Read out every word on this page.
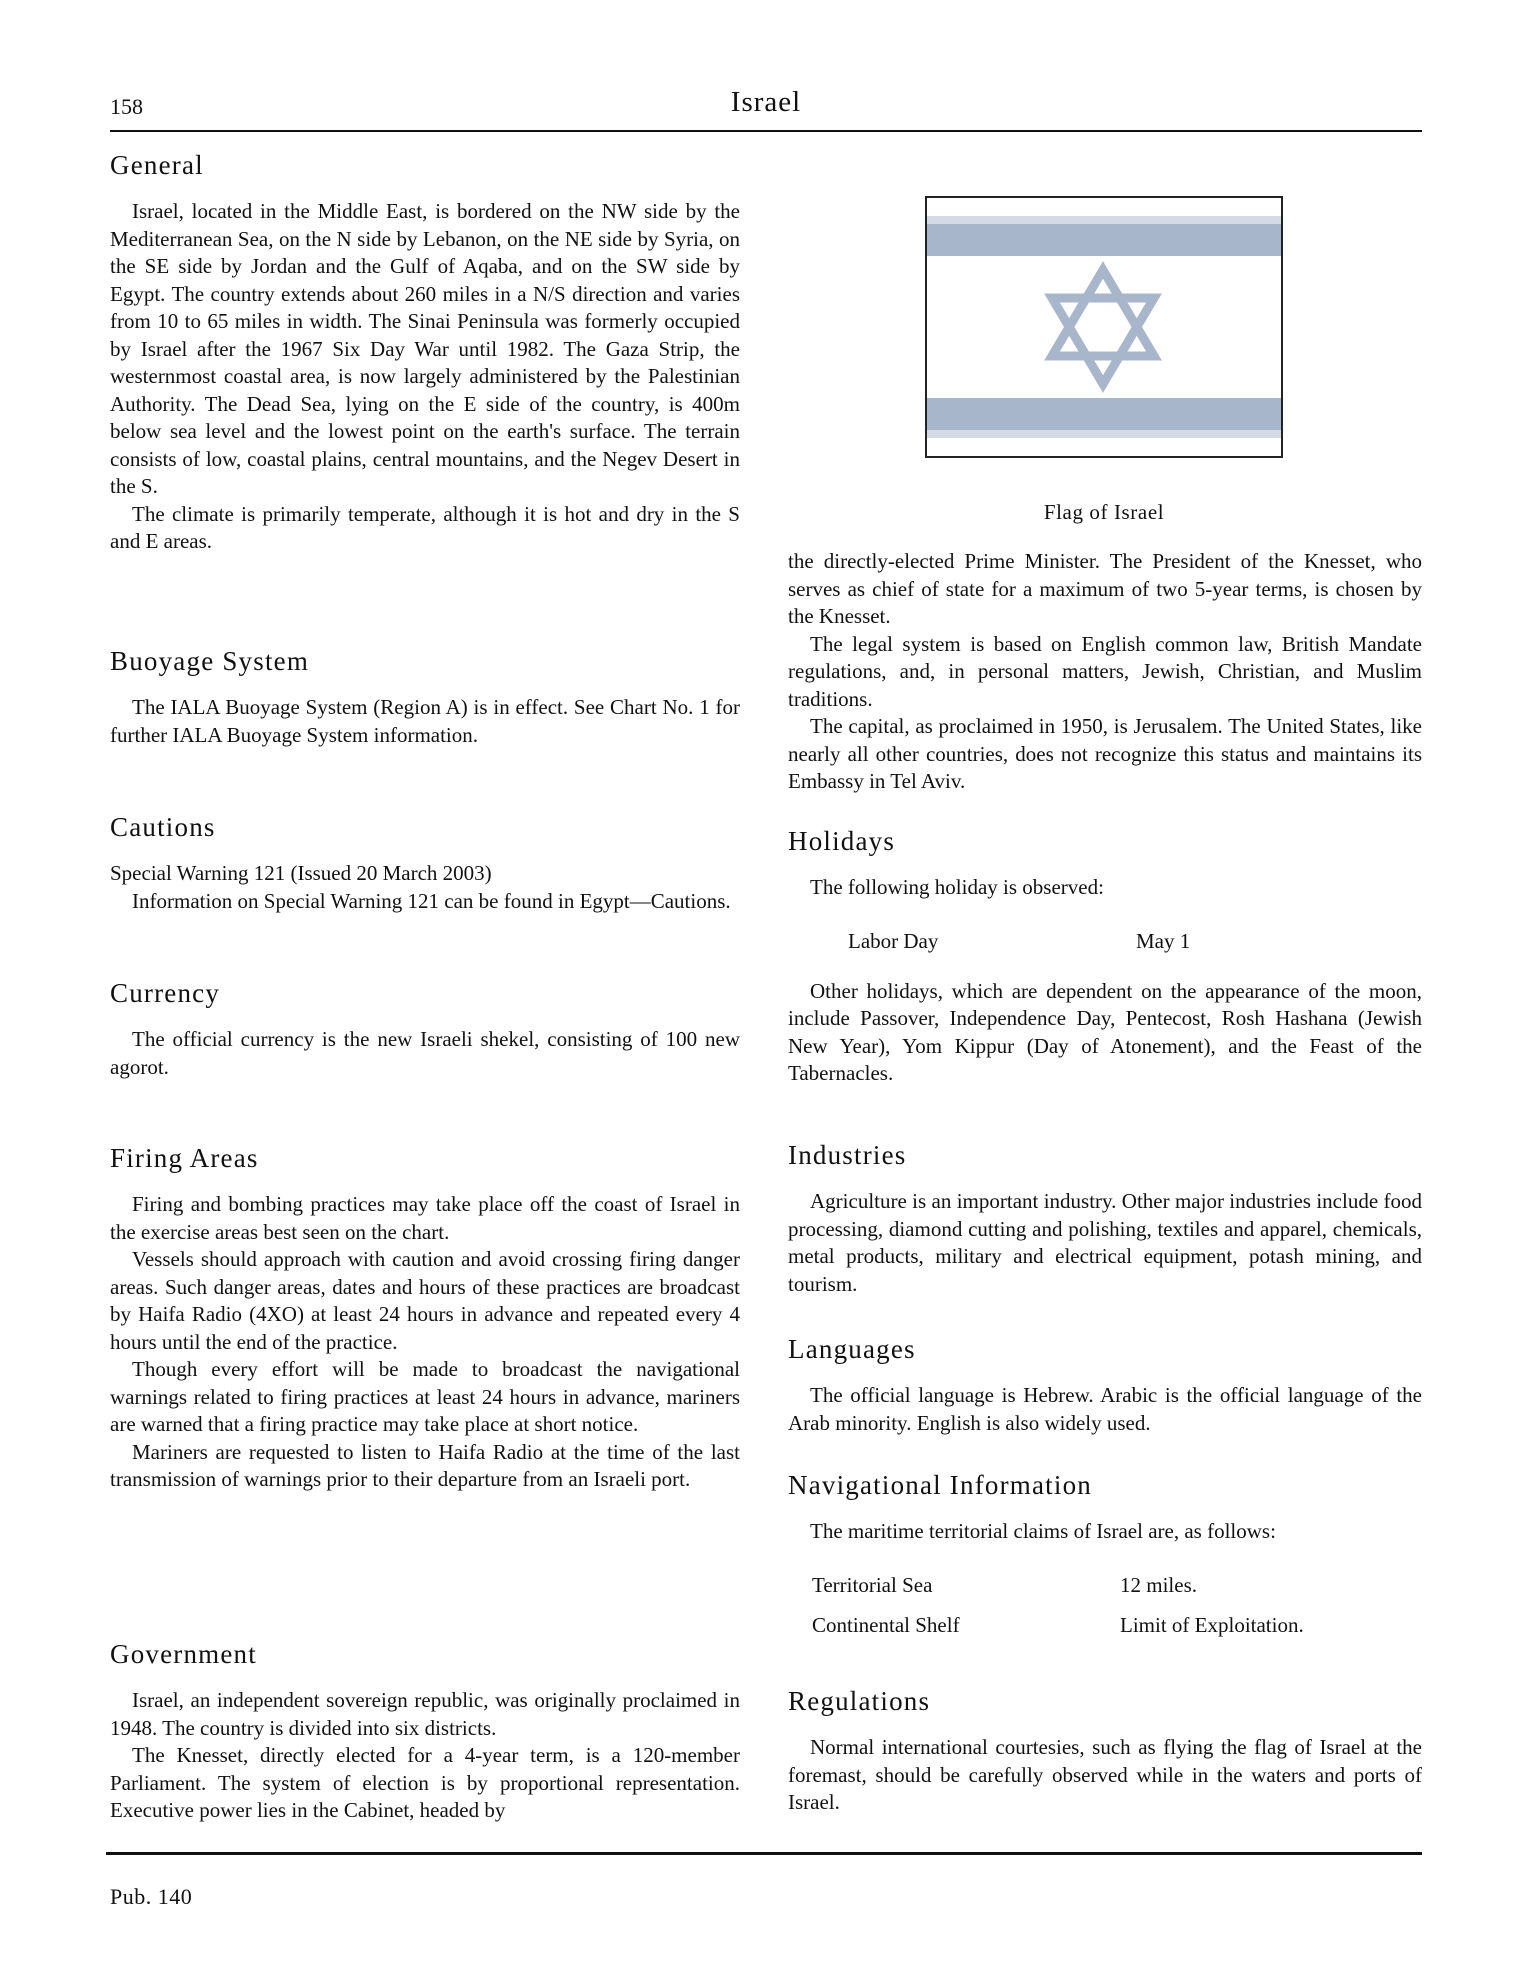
158	Israel
General

Israel, located in the Middle East, is bordered on the NW side by the Mediterranean Sea, on the N side by Lebanon, on the NE side by Syria, on the SE side by Jordan and the Gulf of Aqaba, and on the SW side by Egypt. The country extends about 260 miles in a N/S direction and varies from 10 to 65 miles in width. The Sinai Peninsula was formerly occupied by Israel after the 1967 Six Day War until 1982. The Gaza Strip, the westernmost coastal area, is now largely administered by the Palestinian Authority. The Dead Sea, lying on the E side of the country, is 400m below sea level and the lowest point on the earth's surface. The terrain consists of low, coastal plains, central mountains, and the Negev Desert in the S.

The climate is primarily temperate, although it is hot and dry in the S and E areas.

Buoyage System

The IALA Buoyage System (Region A) is in effect. See Chart No. 1 for further IALA Buoyage System information.

Cautions

Special Warning 121 (Issued 20 March 2003)

Information on Special Warning 121 can be found in Egypt—Cautions.

Currency

The official currency is the new Israeli shekel, consisting of 100 new agorot.

Firing Areas

Firing and bombing practices may take place off the coast of Israel in the exercise areas best seen on the chart.

Vessels should approach with caution and avoid crossing firing danger areas. Such danger areas, dates and hours of these practices are broadcast by Haifa Radio (4XO) at least 24 hours in advance and repeated every 4 hours until the end of the practice.

Though every effort will be made to broadcast the navigational warnings related to firing practices at least 24 hours in advance, mariners are warned that a firing practice may take place at short notice.

Mariners are requested to listen to Haifa Radio at the time of the last transmission of warnings prior to their departure from an Israeli port.

Government

Israel, an independent sovereign republic, was originally proclaimed in 1948. The country is divided into six districts.

The Knesset, directly elected for a 4-year term, is a 120-member Parliament. The system of election is by proportional representation. Executive power lies in the Cabinet, headed by

Flag of Israel

the directly-elected Prime Minister. The President of the Knesset, who serves as chief of state for a maximum of two 5-year terms, is chosen by the Knesset.

The legal system is based on English common law, British Mandate regulations, and, in personal matters, Jewish, Christian, and Muslim traditions.

The capital, as proclaimed in 1950, is Jerusalem. The United States, like nearly all other countries, does not recognize this status and maintains its Embassy in Tel Aviv.

Holidays

The following holiday is observed:

Labor Day	May 1

Other holidays, which are dependent on the appearance of the moon, include Passover, Independence Day, Pentecost, Rosh Hashana (Jewish New Year), Yom Kippur (Day of Atonement), and the Feast of the Tabernacles.

Industries

Agriculture is an important industry. Other major industries include food processing, diamond cutting and polishing, textiles and apparel, chemicals, metal products, military and electrical equipment, potash mining, and tourism.

Languages

The official language is Hebrew. Arabic is the official language of the Arab minority. English is also widely used.

Navigational Information

The maritime territorial claims of Israel are, as follows:

Territorial Sea	12 miles.
Continental Shelf	Limit of Exploitation.
Regulations

Normal international courtesies, such as flying the flag of Israel at the foremast, should be carefully observed while in the waters and ports of Israel.

Pub. 140
